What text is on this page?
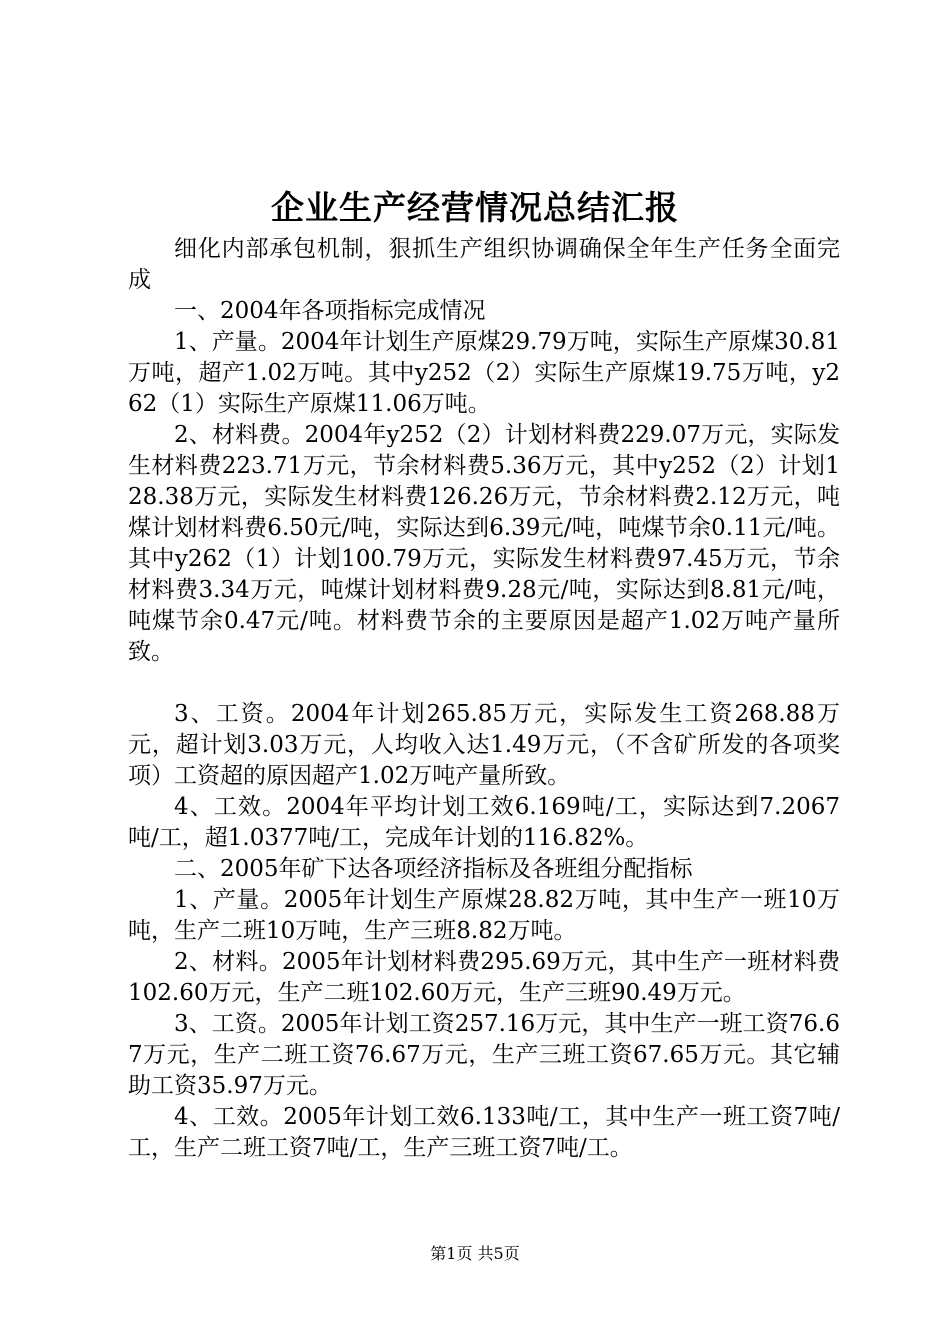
企业生产经营情况总结汇报

细化内部承包机制，狠抓生产组织协调确保全年生产任务全面完成

一、2004年各项指标完成情况

1、产量。2004年计划生产原煤29.79万吨，实际生产原煤30.81万吨，超产1.02万吨。其中y252（2）实际生产原煤19.75万吨，y262（1）实际生产原煤11.06万吨。

2、材料费。2004年y252（2）计划材料费229.07万元，实际发生材料费223.71万元，节余材料费5.36万元，其中y252（2）计划128.38万元，实际发生材料费126.26万元，节余材料费2.12万元，吨煤计划材料费6.50元/吨，实际达到6.39元/吨，吨煤节余0.11元/吨。其中y262（1）计划100.79万元，实际发生材料费97.45万元，节余材料费3.34万元，吨煤计划材料费9.28元/吨，实际达到8.81元/吨，吨煤节余0.47元/吨。材料费节余的主要原因是超产1.02万吨产量所致。

3、工资。2004年计划265.85万元，实际发生工资268.88万元，超计划3.03万元，人均收入达1.49万元，（不含矿所发的各项奖项）工资超的原因超产1.02万吨产量所致。

4、工效。2004年平均计划工效6.169吨/工，实际达到7.2067吨/工，超1.0377吨/工，完成年计划的116.82%。

二、2005年矿下达各项经济指标及各班组分配指标

1、产量。2005年计划生产原煤28.82万吨，其中生产一班10万吨，生产二班10万吨，生产三班8.82万吨。

2、材料。2005年计划材料费295.69万元，其中生产一班材料费102.60万元，生产二班102.60万元，生产三班90.49万元。

3、工资。2005年计划工资257.16万元，其中生产一班工资76.67万元，生产二班工资76.67万元，生产三班工资67.65万元。其它辅助工资35.97万元。

4、工效。2005年计划工效6.133吨/工，其中生产一班工资7吨/工，生产二班工资7吨/工，生产三班工资7吨/工。

第1页 共5页
